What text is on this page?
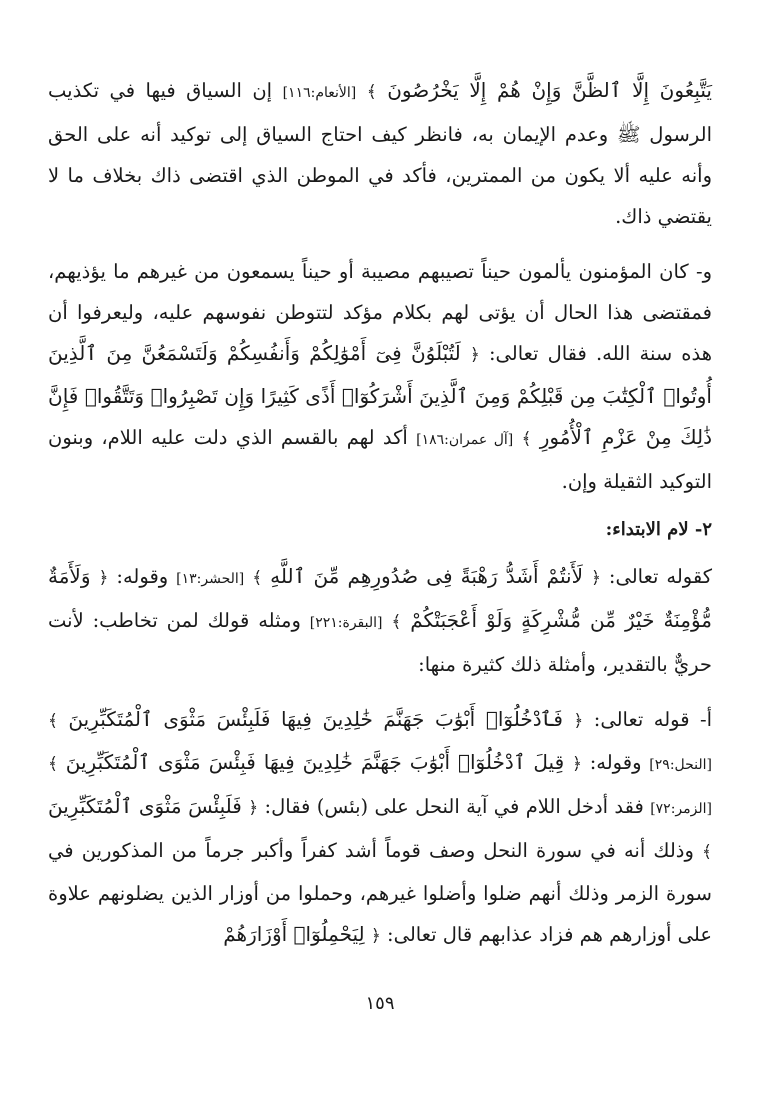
يَتَّبِعُونَ إِلَّا ٱلظَّنَّ وَإِنْ هُمْ إِلَّا يَخْرُصُونَ ﴾ [الأنعام:١١٦] إن السياق فيها في تكذيب الرسول ﷺ وعدم الإيمان به، فانظر كيف احتاج السياق إلى توكيد أنه على الحق وأنه عليه ألا يكون من الممترين، فأكد في الموطن الذي اقتضى ذاك بخلاف ما لا يقتضي ذاك.

و- كان المؤمنون يألمون حيناً تصيبهم مصيبة أو حيناً يسمعون من غيرهم ما يؤذيهم، فمقتضى هذا الحال أن يؤتى لهم بكلام مؤكد لتتوطن نفوسهم عليه، وليعرفوا أن هذه سنة الله. فقال تعالى: ﴿ لَتُبْلَوُنَّ فِىٓ أَمْوَٰلِكُمْ وَأَنفُسِكُمْ وَلَتَسْمَعُنَّ مِنَ ٱلَّذِينَ أُوتُوا۟ ٱلْكِتَٰبَ مِن قَبْلِكُمْ وَمِنَ ٱلَّذِينَ أَشْرَكُوٓا۟ أَذًى كَثِيرًا وَإِن تَصْبِرُوا۟ وَتَتَّقُوا۟ فَإِنَّ ذَٰلِكَ مِنْ عَزْمِ ٱلْأُمُورِ ﴾ [آل عمران:١٨٦] أكد لهم بالقسم الذي دلت عليه اللام، وبنون التوكيد الثقيلة وإن.

٢- لام الابتداء:

كقوله تعالى: ﴿ لَأَنتُمْ أَشَدُّ رَهْبَةً فِى صُدُورِهِم مِّنَ ٱللَّهِ ﴾ [الحشر:١٣] وقوله: ﴿ وَلَأَمَةٌ مُّؤْمِنَةٌ خَيْرٌ مِّن مُّشْرِكَةٍ وَلَوْ أَعْجَبَتْكُمْ ﴾ [البقرة:٢٢١] ومثله قولك لمن تخاطب: لأنت حريٌّ بالتقدير، وأمثلة ذلك كثيرة منها:

أ- قوله تعالى: ﴿ فَٱدْخُلُوٓا۟ أَبْوَٰبَ جَهَنَّمَ خَٰلِدِينَ فِيهَا فَلَبِئْسَ مَثْوَى ٱلْمُتَكَبِّرِينَ ﴾ [النحل:٢٩] وقوله: ﴿ قِيلَ ٱدْخُلُوٓا۟ أَبْوَٰبَ جَهَنَّمَ خَٰلِدِينَ فِيهَا فَبِئْسَ مَثْوَى ٱلْمُتَكَبِّرِينَ ﴾ [الزمر:٧٢] فقد أدخل اللام في آية النحل على (بئس) فقال: ﴿ فَلَبِئْسَ مَثْوَى ٱلْمُتَكَبِّرِينَ ﴾ وذلك أنه في سورة النحل وصف قوماً أشد كفراً وأكبر جرماً من المذكورين في سورة الزمر وذلك أنهم ضلوا وأضلوا غيرهم، وحملوا من أوزار الذين يضلونهم علاوة على أوزارهم هم فزاد عذابهم قال تعالى: ﴿ لِيَحْمِلُوٓا۟ أَوْزَارَهُمْ

١٥٩
